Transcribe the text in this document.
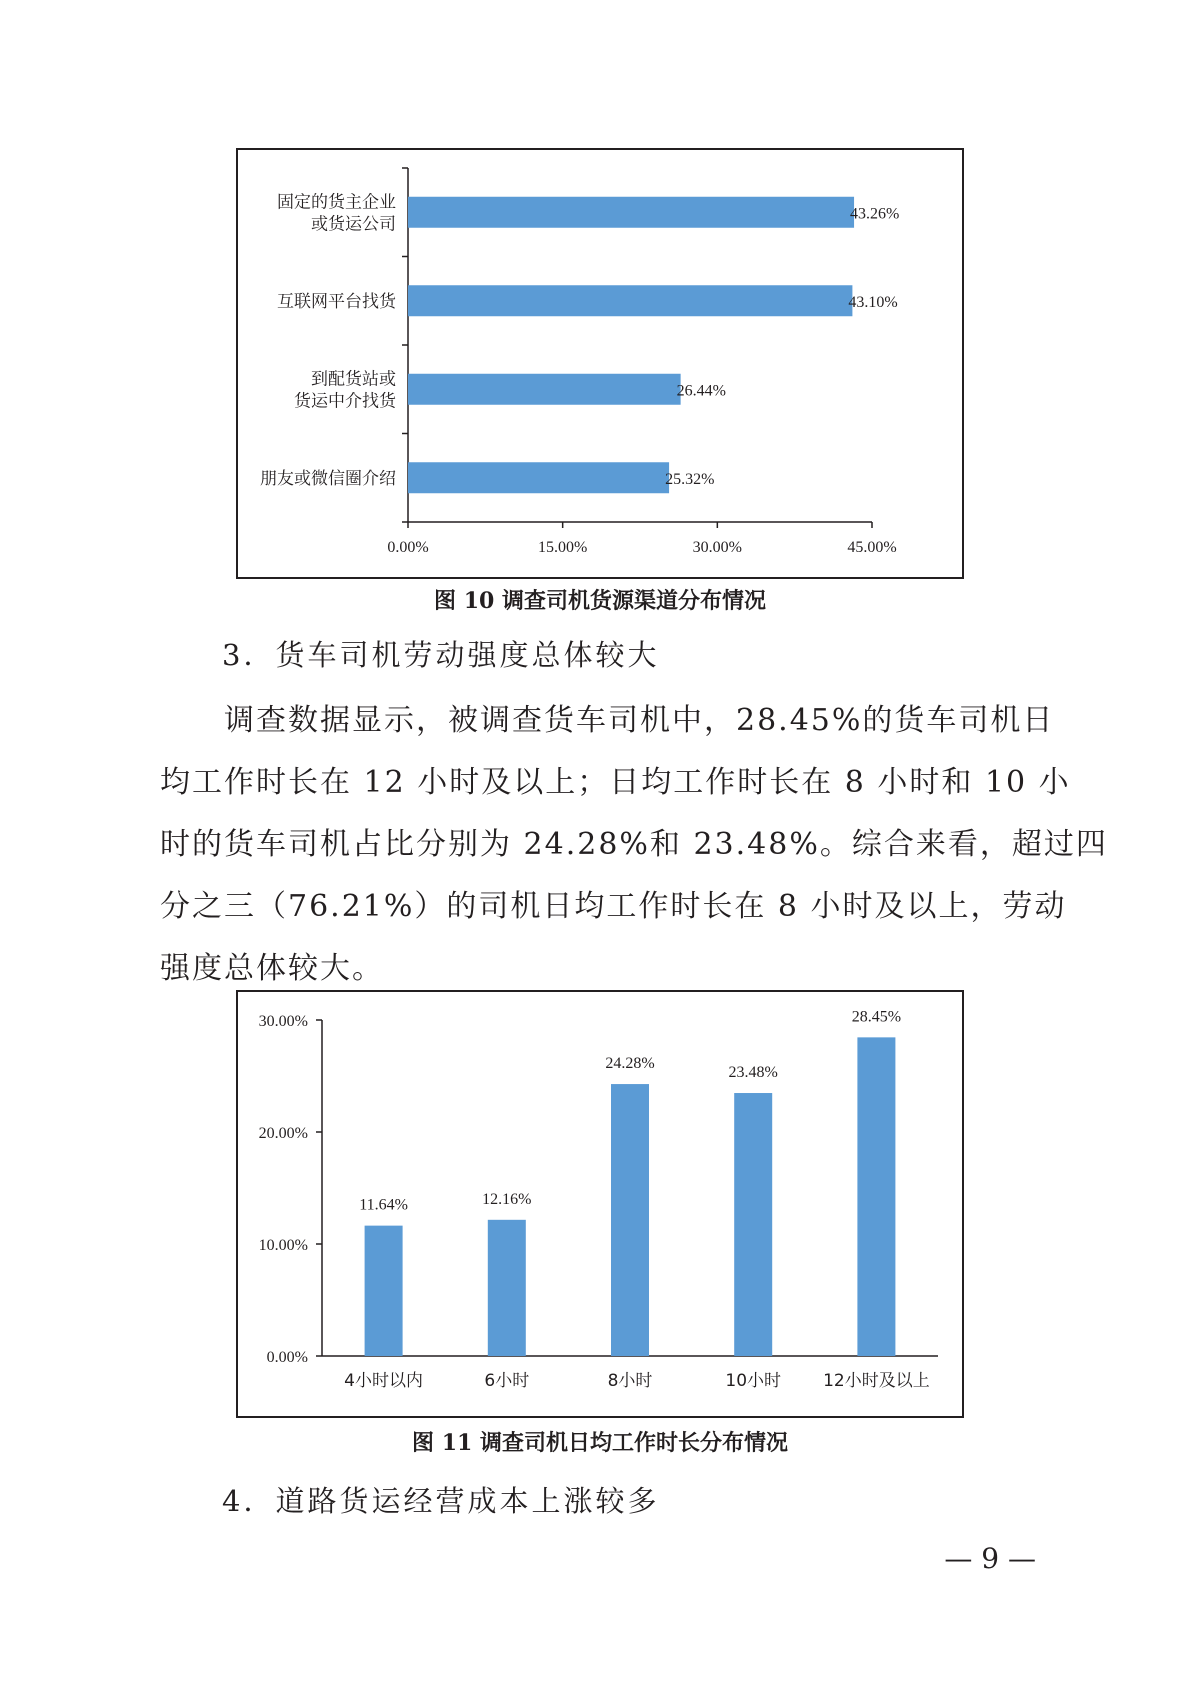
0.00%	15.00%	30.00%	45.00%
43.26%
固定的货主企业或货运公司
43.10%
互联网平台找货
26.44%
到配货站或货运中介找货
25.32%
朋友或微信圈介绍
图 10 调查司机货源渠道分布情况
3．货车司机劳动强度总体较大
　　调查数据显示，被调查货车司机中，28.45%的货车司机日
均工作时长在 12 小时及以上；日均工作时长在 8 小时和 10 小
时的货车司机占比分别为 24.28%和 23.48%。综合来看，超过四
分之三（76.21%）的司机日均工作时长在 8 小时及以上，劳动
强度总体较大。
0.00%
10.00%
20.00%
30.00%
11.64%
4小时以内
12.16%
6小时
24.28%
8小时
23.48%
10小时
28.45%
12小时及以上
图 11 调查司机日均工作时长分布情况
4．道路货运经营成本上涨较多
— 9 —
